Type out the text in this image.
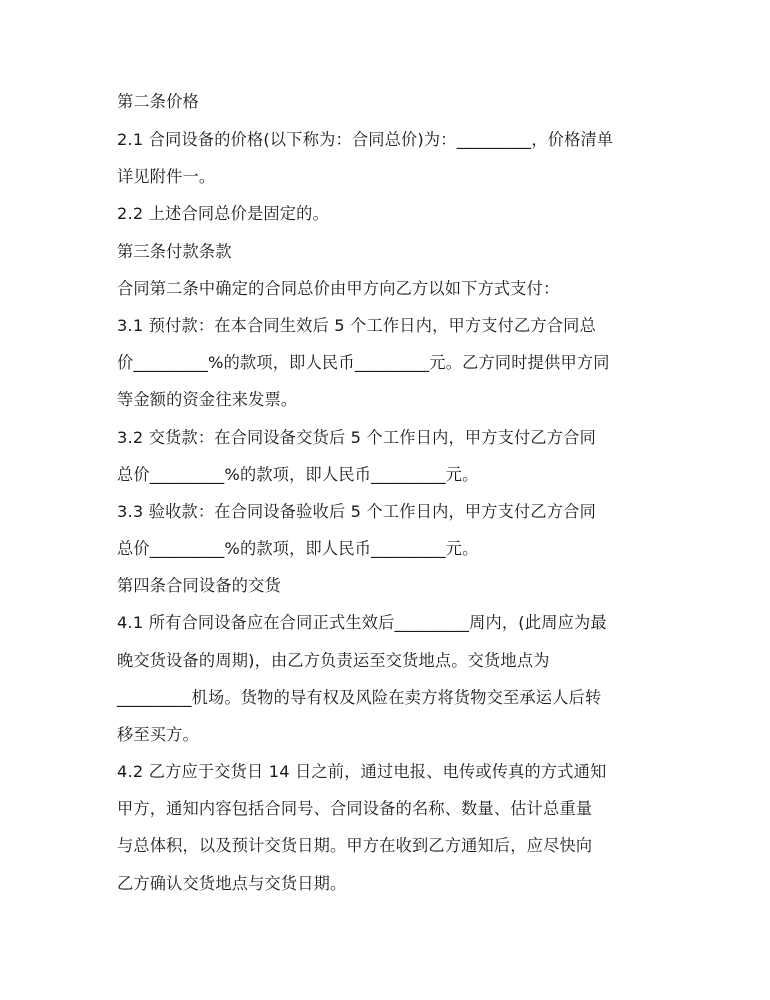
第二条价格
2.1 合同设备的价格(以下称为：合同总价)为：_________，价格清单
详见附件一。
2.2 上述合同总价是固定的。
第三条付款条款
合同第二条中确定的合同总价由甲方向乙方以如下方式支付：
3.1 预付款：在本合同生效后 5 个工作日内，甲方支付乙方合同总
价_________%的款项，即人民币_________元。乙方同时提供甲方同
等金额的资金往来发票。
3.2 交货款：在合同设备交货后 5 个工作日内，甲方支付乙方合同
总价_________%的款项，即人民币_________元。
3.3 验收款：在合同设备验收后 5 个工作日内，甲方支付乙方合同
总价_________%的款项，即人民币_________元。
第四条合同设备的交货
4.1 所有合同设备应在合同正式生效后_________周内，(此周应为最
晚交货设备的周期)，由乙方负责运至交货地点。交货地点为
_________机场。货物的导有权及风险在卖方将货物交至承运人后转
移至买方。
4.2 乙方应于交货日 14 日之前，通过电报、电传或传真的方式通知
甲方，通知内容包括合同号、合同设备的名称、数量、估计总重量
与总体积，以及预计交货日期。甲方在收到乙方通知后，应尽快向
乙方确认交货地点与交货日期。
